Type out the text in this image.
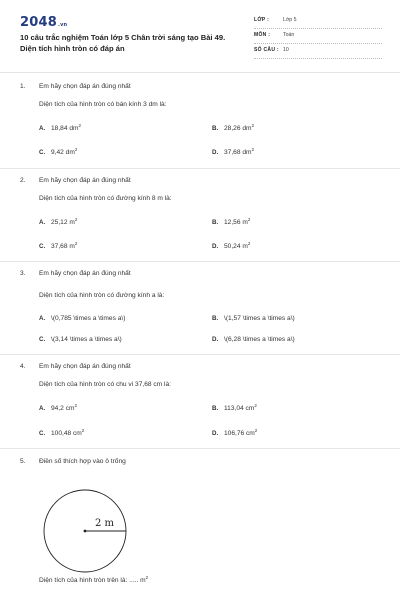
2048.vn
10 câu trắc nghiệm Toán lớp 5 Chân trời sáng tạo Bài 49.
Diện tích hình tròn có đáp án
LỚP :	Lớp 5
MÔN : Toán
SỐ CÂU : 10
1. Em hãy chọn đáp án đúng nhất
Diện tích của hình tròn có bán kính 3 dm là:
A. 18,84 $dm^2$	B. 28,26 $dm^2$
C. 9,42 $dm^2$	D. 37,68 $dm^2$
2. Em hãy chọn đáp án đúng nhất
Diện tích của hình tròn có đường kính 8 m là:
A. 25,12 $m^2$	B. 12,56 $m^2$
C. 37,68 $m^2$	D. 50,24 $m^2$
3. Em hãy chọn đáp án đúng nhất
Diện tích của hình tròn có đường kính a là:
A. \(0,785 \times a \times a\)	B. \(1,57 \times a \times a\)
C. \(3,14 \times a \times a\)	D. \(6,28 \times a \times a\)
4. Em hãy chọn đáp án đúng nhất
Diện tích của hình tròn có chu vi 37,68 cm là:
A. 94,2 $cm^2$	B. 113,04 $cm^2$
C. 100,48 $cm^2$	D. 106,76 $cm^2$
5. Điền số thích hợp vào ô trống
2 m
Diện tích của hình tròn trên là: ..... $m^2$
